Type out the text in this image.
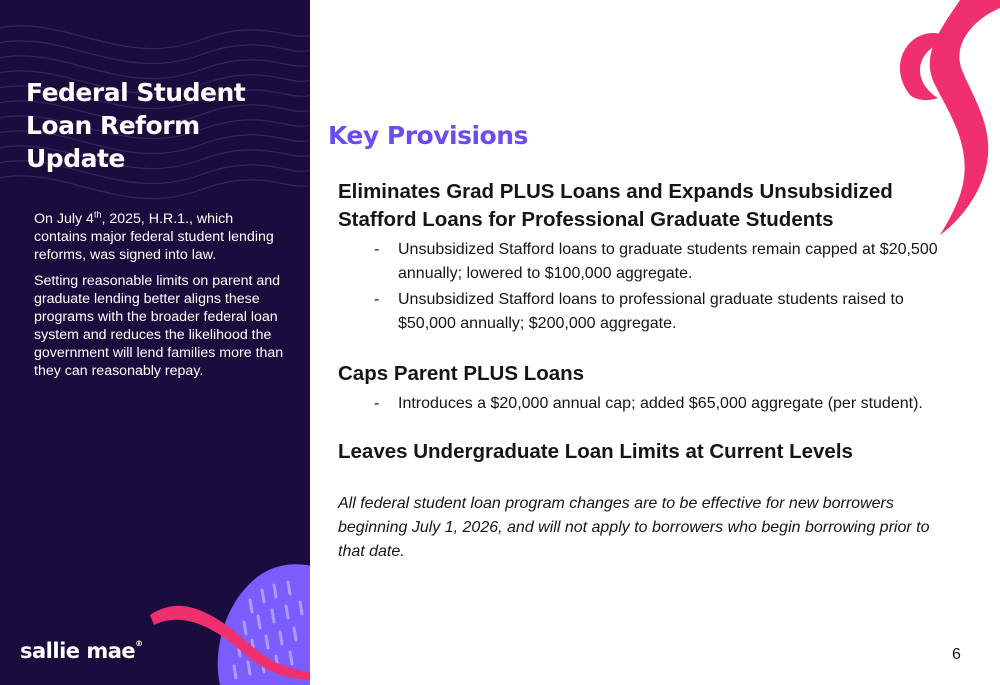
Federal Student
Loan Reform
Update

On July 4th, 2025, H.R.1., which contains major federal student lending reforms, was signed into law.

Setting reasonable limits on parent and graduate lending better aligns these programs with the broader federal loan system and reduces the likelihood the government will lend families more than they can reasonably repay.

sallie mae®
Key Provisions
Eliminates Grad PLUS Loans and Expands Unsubsidized Stafford Loans for Professional Graduate Students
- Unsubsidized Stafford loans to graduate students remain capped at $20,500 annually; lowered to $100,000 aggregate.
- Unsubsidized Stafford loans to professional graduate students raised to $50,000 annually; $200,000 aggregate.
Caps Parent PLUS Loans
- Introduces a $20,000 annual cap; added $65,000 aggregate (per student).
Leaves Undergraduate Loan Limits at Current Levels

All federal student loan program changes are to be effective for new borrowers beginning July 1, 2026, and will not apply to borrowers who begin borrowing prior to that date.

6
